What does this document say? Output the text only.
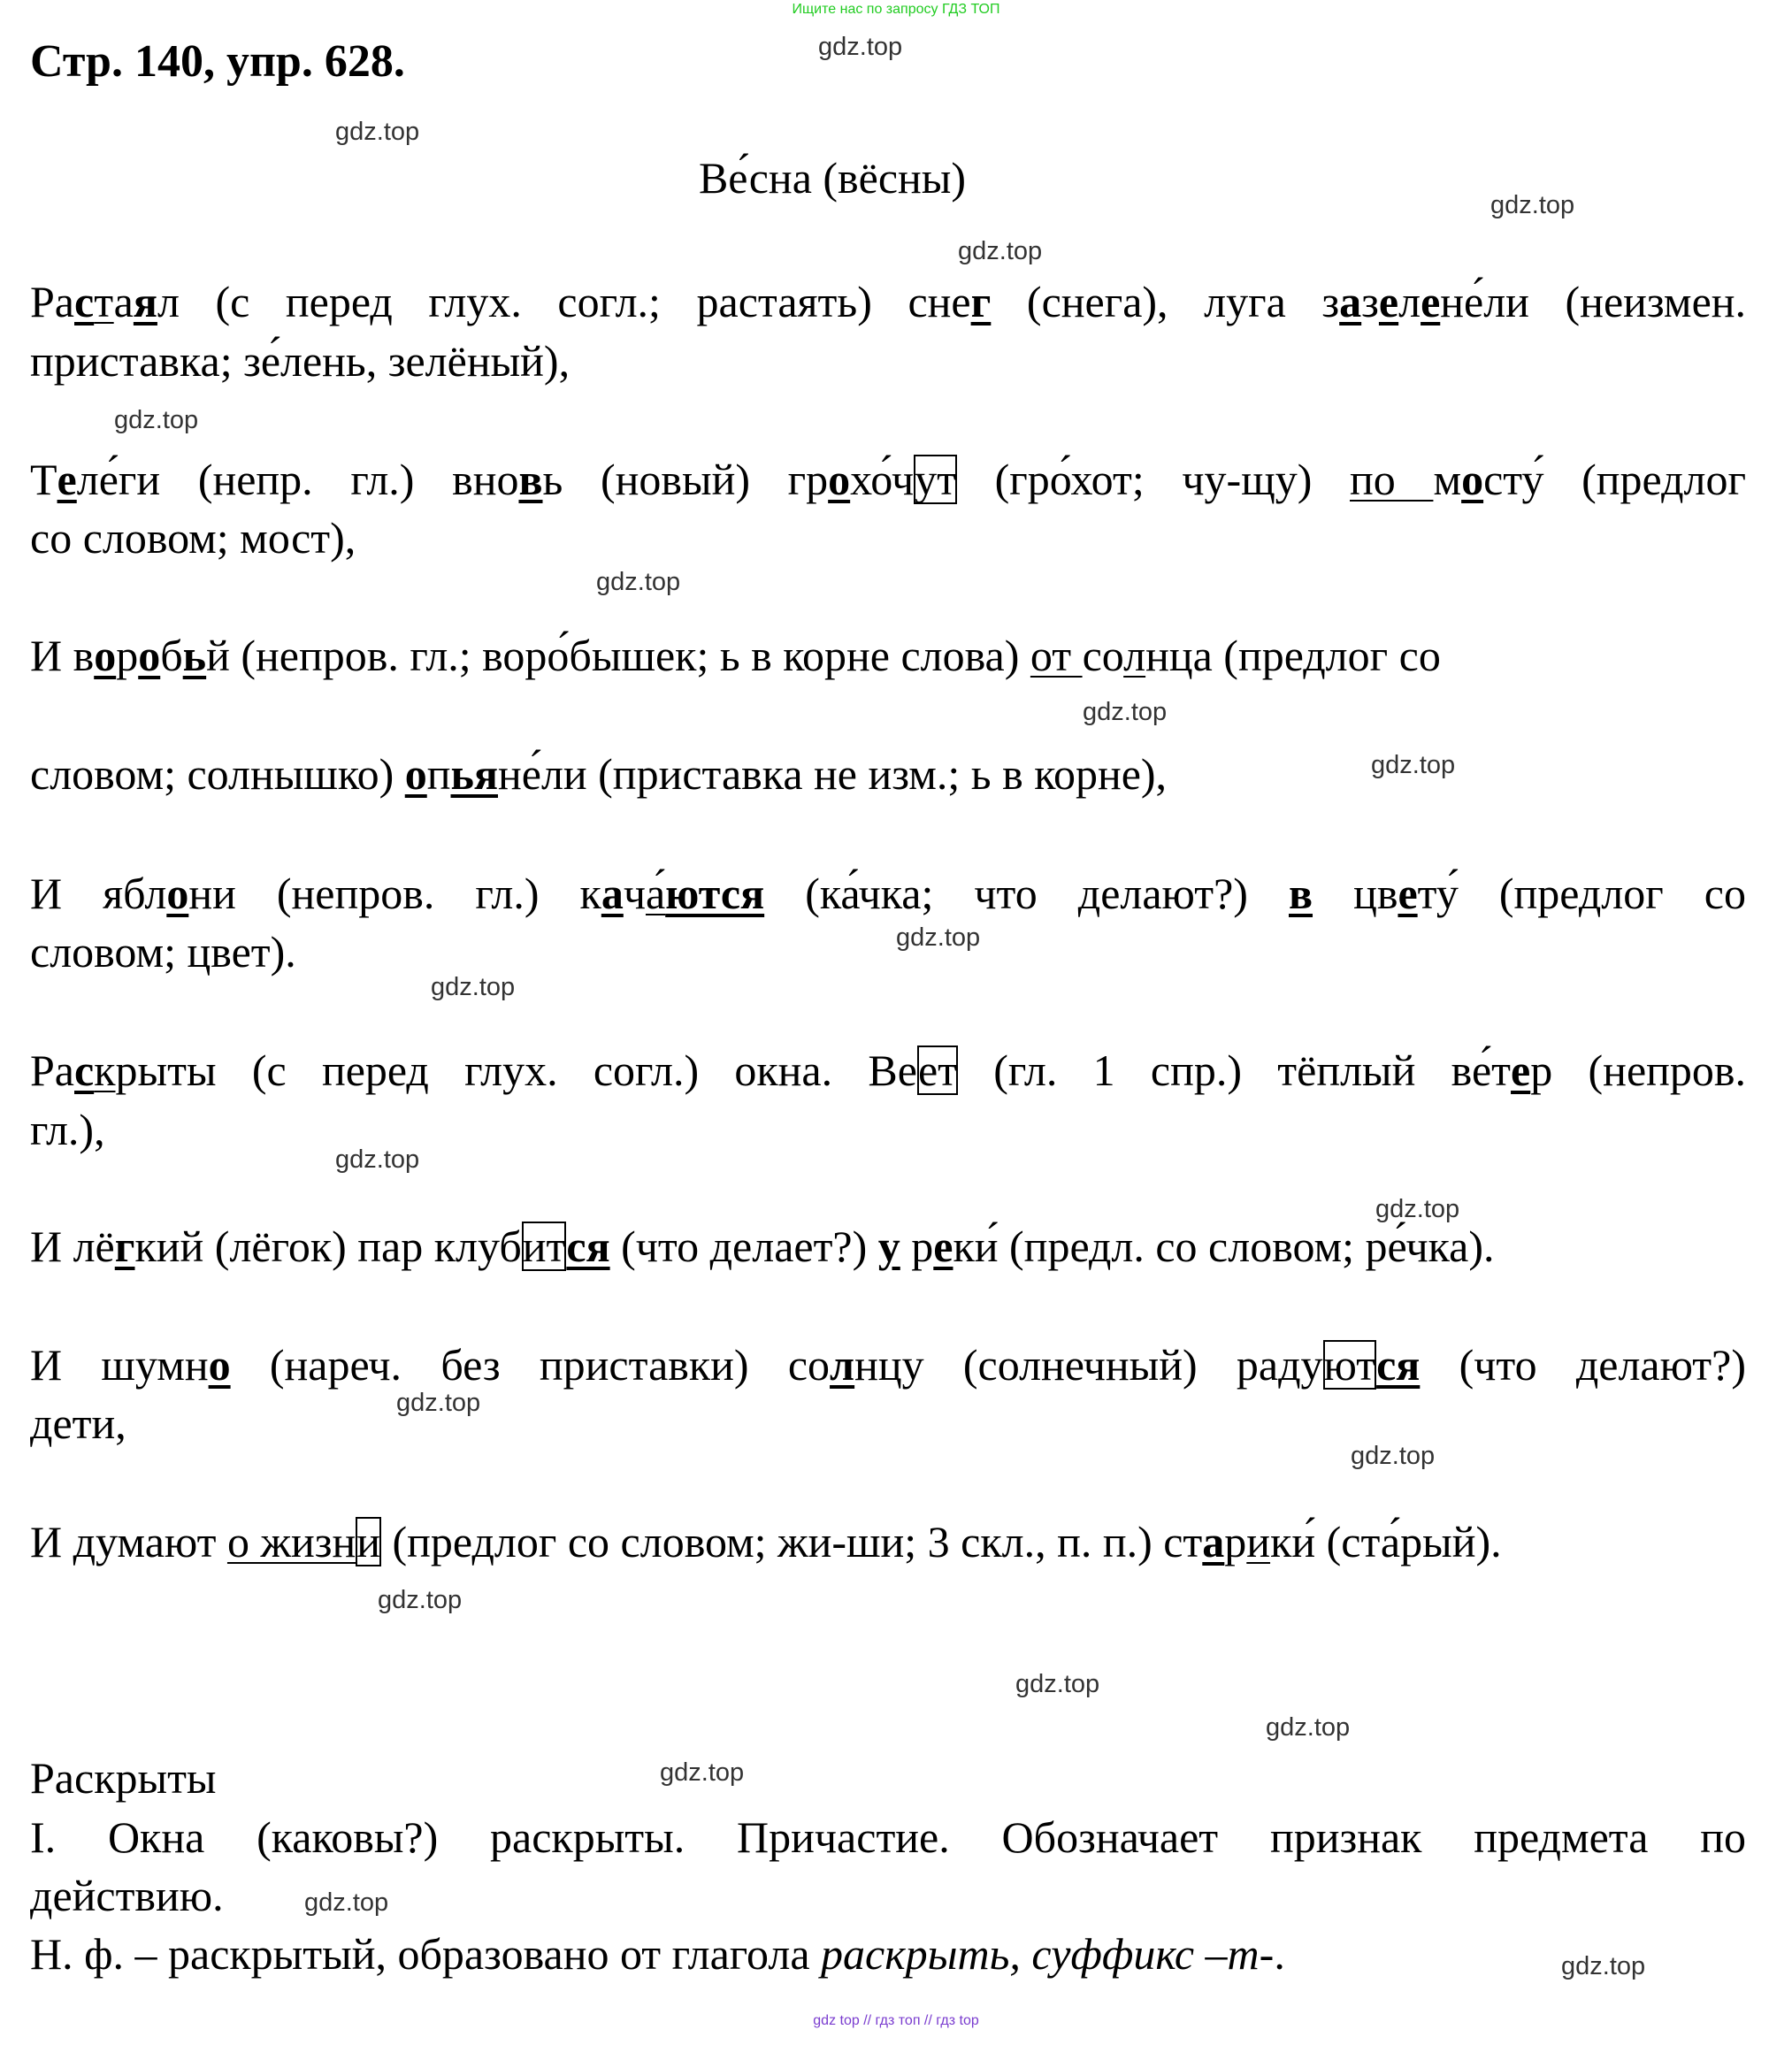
Ищите нас по запросу ГДЗ ТОП
Стр. 140, упр. 628.
Ве́сна (вёсны)
Растаял (с перед глух. согл.; растаять) снег (снега), луга зазелене́ли (неизмен.
приставка; зе́лень, зелёный),
Теле́ги (непр. гл.) вновь (новый) грохо́чут (гро́хот; чу-щу) по мосту́ (предлог
со словом; мост),
И воробьй (непров. гл.; воро́бышек; ь в корне слова) от солнца (предлог со
словом; солнышко) опьяне́ли (приставка не изм.; ь в корне),
И яблони (непров. гл.) кача́ются (ка́чка; что делают?) в цвету́ (предлог со
словом; цвет).
Раскрыты (с перед глух. согл.) окна. Веет (гл. 1 спр.) тёплый ве́тер (непров.
гл.),
И лёгкий (лёгок) пар клубится (что делает?) у реки́ (предл. со словом; ре́чка).
И шумно (нареч. без приставки) солнцу (солнечный) радуются (что делают?)
дети,
И думают о жизни (предлог со словом; жи-ши; 3 скл., п. п.) старики́ (ста́рый).
Раскрыты
I. Окна (каковы?) раскрыты. Причастие. Обозначает признак предмета по
действию.
Н. ф. – раскрытый, образовано от глагола раскрыть, суффикс –т-.
gdz.top
gdz.top
gdz.top
gdz.top
gdz.top
gdz.top
gdz.top
gdz.top
gdz.top
gdz.top
gdz.top
gdz.top
gdz.top
gdz.top
gdz.top
gdz.top
gdz.top
gdz.top
gdz.top
gdz.top
gdz top // гдз топ // гдз top
